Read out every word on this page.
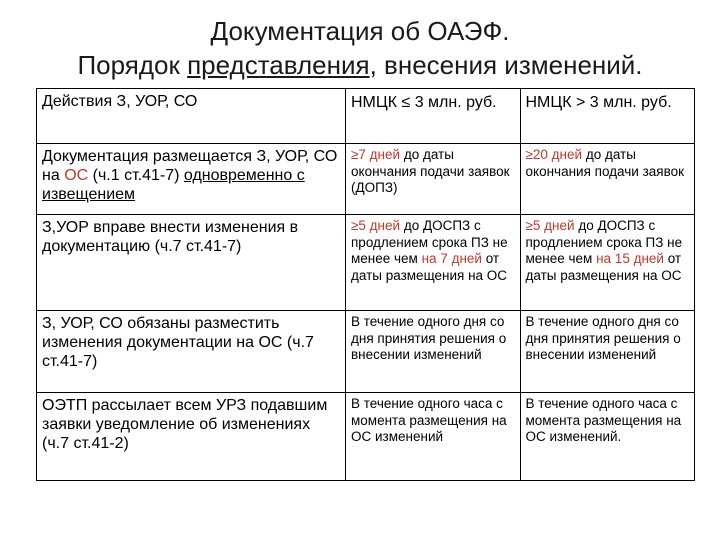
Документация об ОАЭФ.
Порядок представления, внесения изменений.
Действия З, УОР, СО	НМЦК ≤ 3 млн. руб.	НМЦК > 3 млн. руб.
Документация размещается З, УОР, СО на ОС (ч.1 ст.41-7) одновременно с извещением	≥7 дней до даты окончания подачи заявок (ДОПЗ)	≥20 дней до даты окончания подачи заявок
З,УОР вправе внести изменения в документацию (ч.7 ст.41-7)	≥5 дней до ДОСПЗ с продлением срока ПЗ не менее чем на 7 дней от даты размещения на ОС	≥5 дней до ДОСПЗ с продлением срока ПЗ не менее чем на 15 дней от даты размещения на ОС
З, УОР, СО обязаны разместить изменения документации на ОС (ч.7 ст.41-7)	В течение одного дня со дня принятия решения о внесении изменений	В течение одного дня со дня принятия решения о внесении изменений
ОЭТП рассылает всем УРЗ подавшим заявки уведомление об изменениях (ч.7 ст.41-2)	В течение одного часа с момента размещения на ОС изменений	В течение одного часа с момента размещения на ОС изменений.
